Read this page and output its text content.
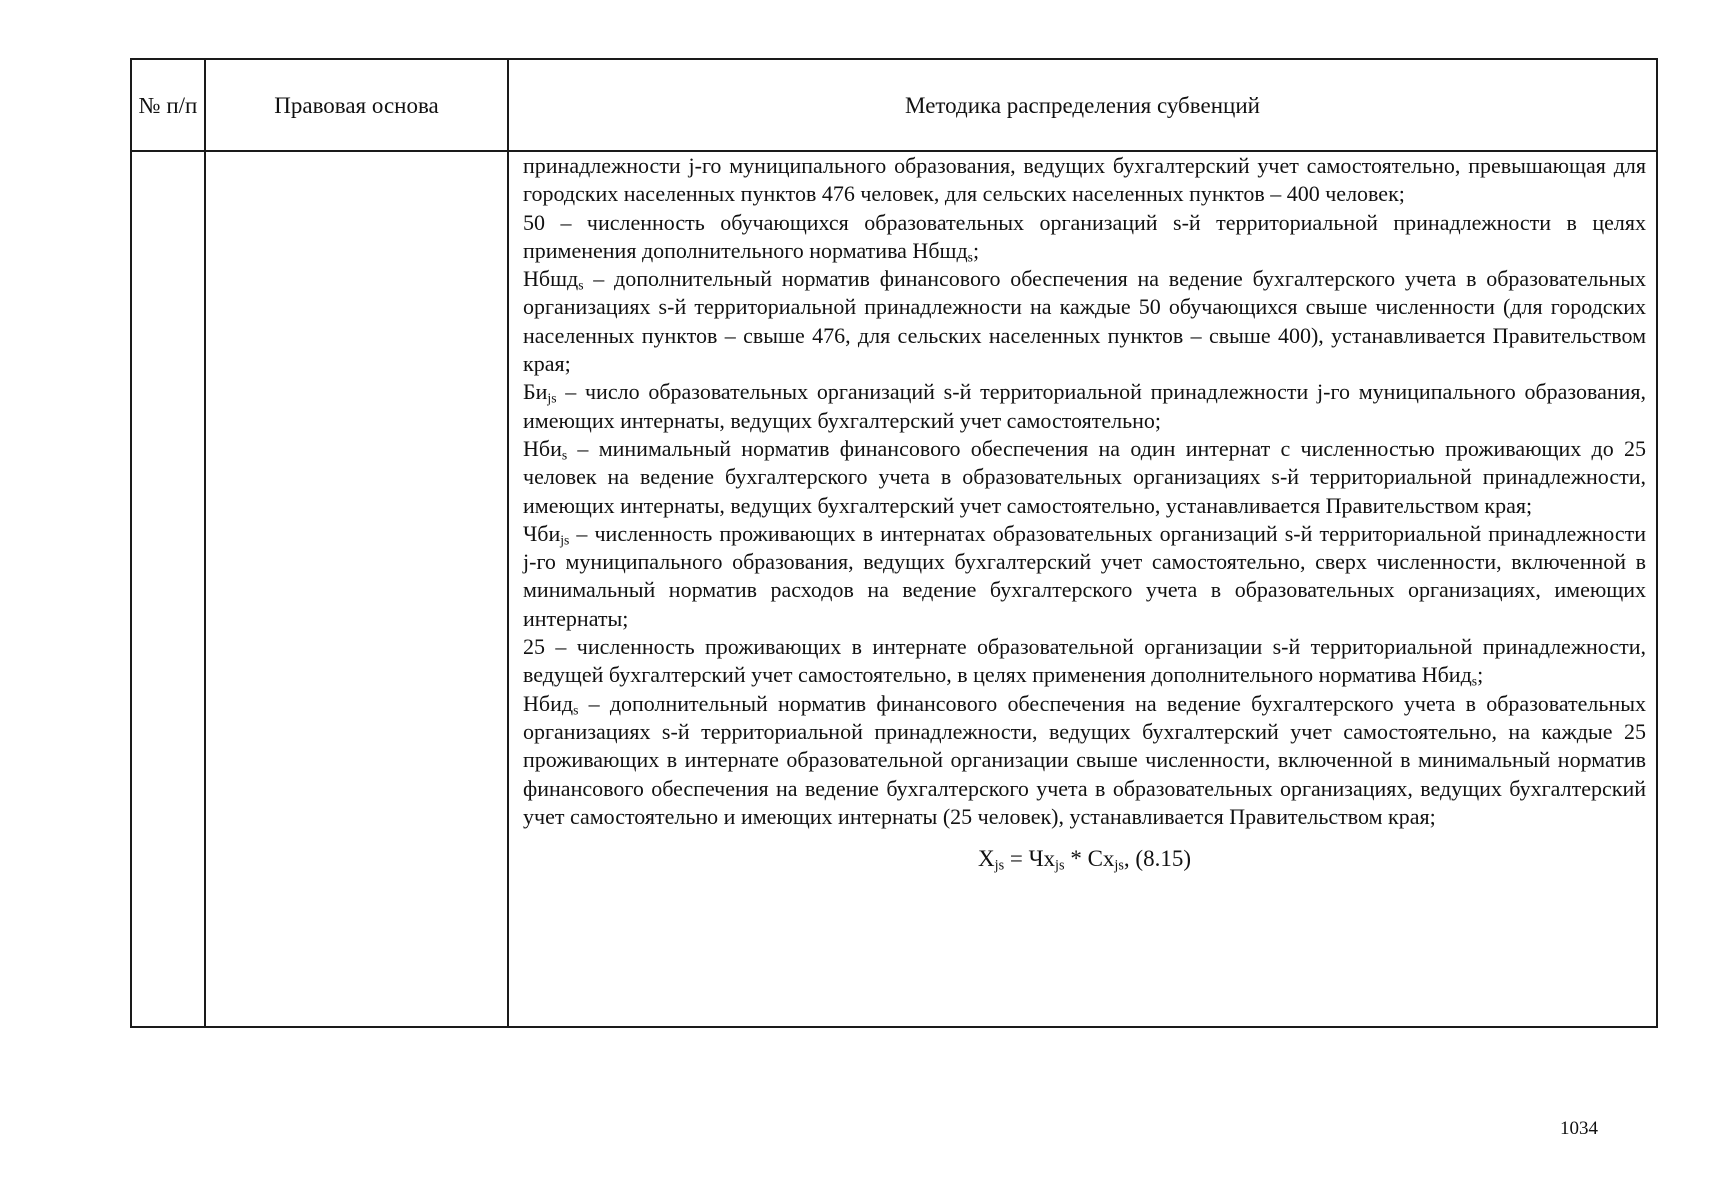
№ п/п	Правовая основа	Методика распределения субвенций

принадлежности j-го муниципального образования, ведущих бухгалтерский учет самостоятельно, превышающая для городских населенных пунктов 476 человек, для сельских населенных пунктов – 400 человек;

50 – численность обучающихся образовательных организаций s-й территориальной принадлежности в целях применения дополнительного норматива Нбшд$_s$;

Нбшд$_s$ – дополнительный норматив финансового обеспечения на ведение бухгалтерского учета в образовательных организациях s-й территориальной принадлежности на каждые 50 обучающихся свыше численности (для городских населенных пунктов – свыше 476, для сельских населенных пунктов – свыше 400), устанавливается Правительством края;

$Би_{js}$ – число образовательных организаций s-й территориальной принадлежности j-го муниципального образования, имеющих интернаты, ведущих бухгалтерский учет самостоятельно;

Нби$_s$ – минимальный норматив финансового обеспечения на один интернат с численностью проживающих до 25 человек на ведение бухгалтерского учета в образовательных организациях s-й территориальной принадлежности, имеющих интернаты, ведущих бухгалтерский учет самостоятельно, устанавливается Правительством края;

Чби$_{js}$ – численность проживающих в интернатах образовательных организаций s-й территориальной принадлежности j-го муниципального образования, ведущих бухгалтерский учет самостоятельно, сверх численности, включенной в минимальный норматив расходов на ведение бухгалтерского учета в образовательных организациях, имеющих интернаты;

25 – численность проживающих в интернате образовательной организации s-й территориальной принадлежности, ведущей бухгалтерский учет самостоятельно, в целях применения дополнительного норматива Нбид$_s$;

Нбид$_s$ – дополнительный норматив финансового обеспечения на ведение бухгалтерского учета в образовательных организациях s-й территориальной принадлежности, ведущих бухгалтерский учет самостоятельно, на каждые 25 проживающих в интернате образовательной организации свыше численности, включенной в минимальный норматив финансового обеспечения на ведение бухгалтерского учета в образовательных организациях, ведущих бухгалтерский учет самостоятельно и имеющих интернаты (25 человек), устанавливается Правительством края;

$X_{js} = Чх_{js} * Сх_{js}$, (8.15)

1034
